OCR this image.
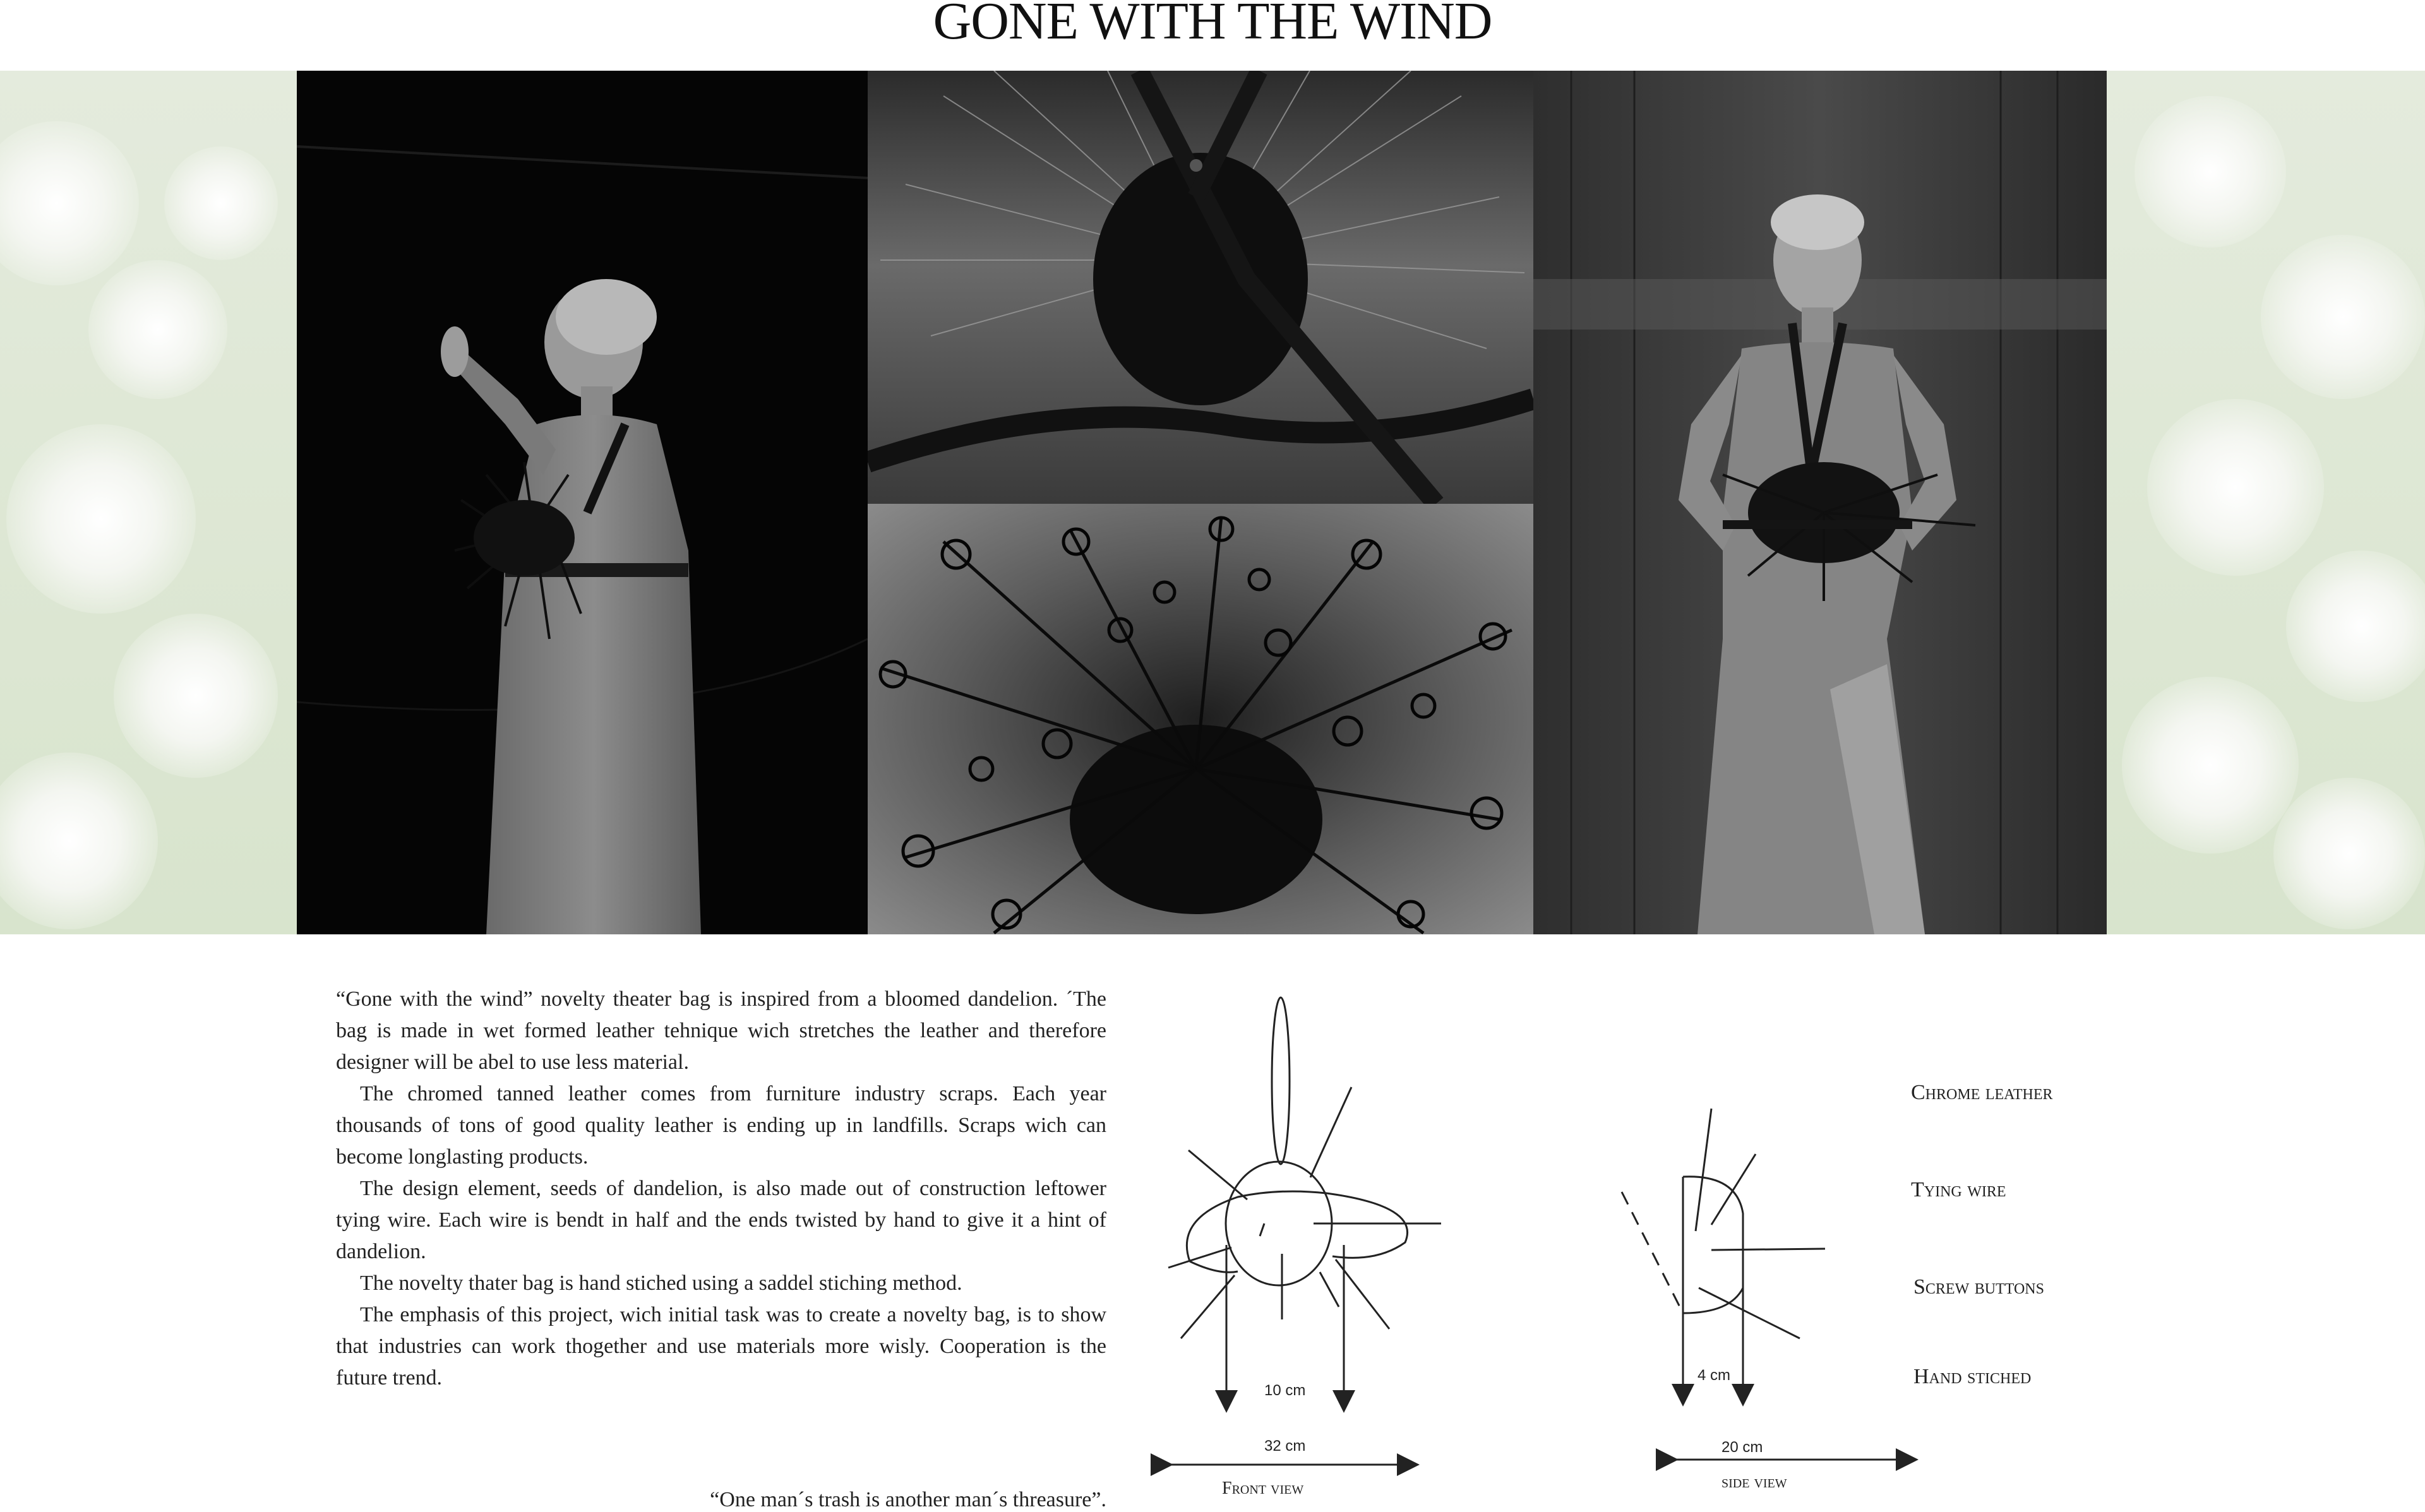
GONE WITH THE WIND

“Gone with the wind” novelty theater bag is inspired from a bloomed dandelion. ´The bag is made in wet formed leather tehnique wich stretches the leather and therefore designer will be abel to use less material.

The chromed tanned leather comes from furniture industry scraps. Each year thousands of tons of good quality leather is ending up in landfills. Scraps wich can become longlasting products.

The design element, seeds of dandelion, is also made out of construction leftower tying wire. Each wire is bendt in half and the ends twisted by hand to give it a hint of dandelion.

The novelty thater bag is hand stiched using a saddel stiching method.

The emphasis of this project, wich initial task was to create a novelty bag, is to show that industries can work thogether and use materials more wisly. Cooperation is the future trend.

“One man´s trash is another man´s threasure”.
10 cm
32 cm
4 cm
20 cm
Front view	side view
Chrome leather
Tying wire
Screw buttons
Hand stiched
